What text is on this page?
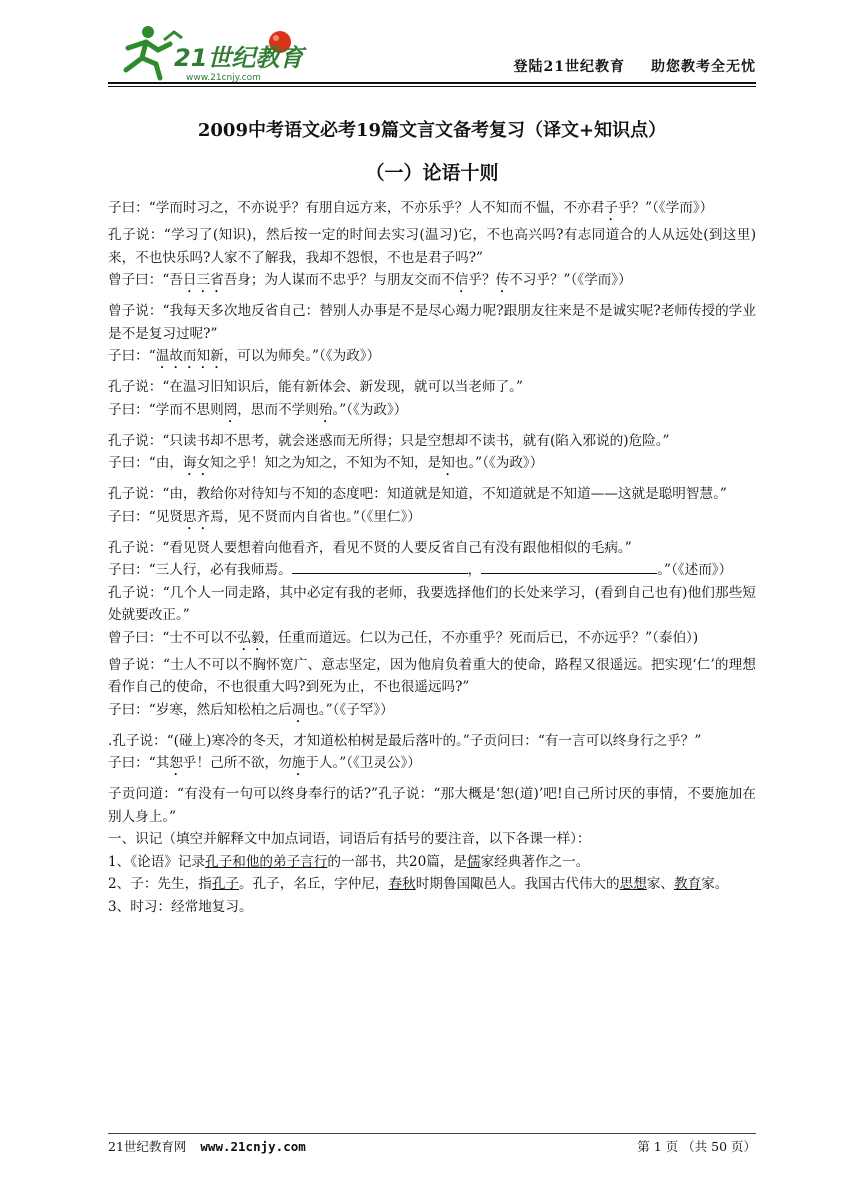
21世纪教育
www.21cnjy.com
登陆21世纪教育 助您教考全无忧
2009中考语文必考19篇文言文备考复习（译文+知识点）
（一）论语十则

子曰：“学而时习之，不亦说乎？有朋自远方来，不亦乐乎？人不知而不愠，不亦君子乎？”（《学而》）

孔子说：“学习了(知识)，然后按一定的时间去实习(温习)它，不也高兴吗?有志同道合的人从远处(到这里)来，不也快乐吗?人家不了解我，我却不怨恨，不也是君子吗?”

曾子曰：“吾日三省吾身；为人谋而不忠乎？与朋友交而不信乎？传不习乎？”（《学而》）

曾子说：“我每天多次地反省自己：替别人办事是不是尽心竭力呢?跟朋友往来是不是诚实呢?老师传授的学业是不是复习过呢?”

子曰：“温故而知新，可以为师矣。”（《为政》）

孔子说：“在温习旧知识后，能有新体会、新发现，就可以当老师了。”

子曰：“学而不思则罔，思而不学则殆。”（《为政》）

孔子说：“只读书却不思考，就会迷惑而无所得；只是空想却不读书，就有(陷入邪说的)危险。”

子曰：“由，诲女知之乎！知之为知之，不知为不知，是知也。”（《为政》）

孔子说：“由，教给你对待知与不知的态度吧：知道就是知道，不知道就是不知道——这就是聪明智慧。”

子曰：“见贤思齐焉，见不贤而内自省也。”（《里仁》）

孔子说：“看见贤人要想着向他看齐，看见不贤的人要反省自己有没有跟他相似的毛病。”

子曰：“三人行，必有我师焉。	，	。”（《述而》）

孔子说：“几个人一同走路，其中必定有我的老师，我要选择他们的长处来学习，(看到自己也有)他们那些短处就要改正。”

曾子曰：“士不可以不弘毅，任重而道远。仁以为己任，不亦重乎？死而后已，不亦远乎？”（泰伯）)

曾子说：“士人不可以不胸怀宽广、意志坚定，因为他肩负着重大的使命，路程又很遥远。把实现‘仁’的理想看作自己的使命，不也很重大吗?到死为止，不也很遥远吗?”

子曰：“岁寒，然后知松柏之后凋也。”（《子罕》）

.孔子说：“(碰上)寒冷的冬天，才知道松柏树是最后落叶的。”子贡问曰：“有一言可以终身行之乎？”

子曰：“其恕乎！己所不欲，勿施于人。”（《卫灵公》）

子贡问道：“有没有一句可以终身奉行的话?”孔子说：“那大概是‘恕(道)’吧!自己所讨厌的事情，不要施加在别人身上。”

一、识记（填空并解释文中加点词语，词语后有括号的要注音，以下各课一样）：

1、《论语》记录孔子和他的弟子言行的一部书，共20篇，是儒家经典著作之一。

2、子：先生，指孔子。孔子，名丘，字仲尼，春秋时期鲁国陬邑人。我国古代伟大的思想家、教育家。

3、时习：经常地复习。

21世纪教育网 www.21cnjy.com	第 1 页 （共 50 页）
